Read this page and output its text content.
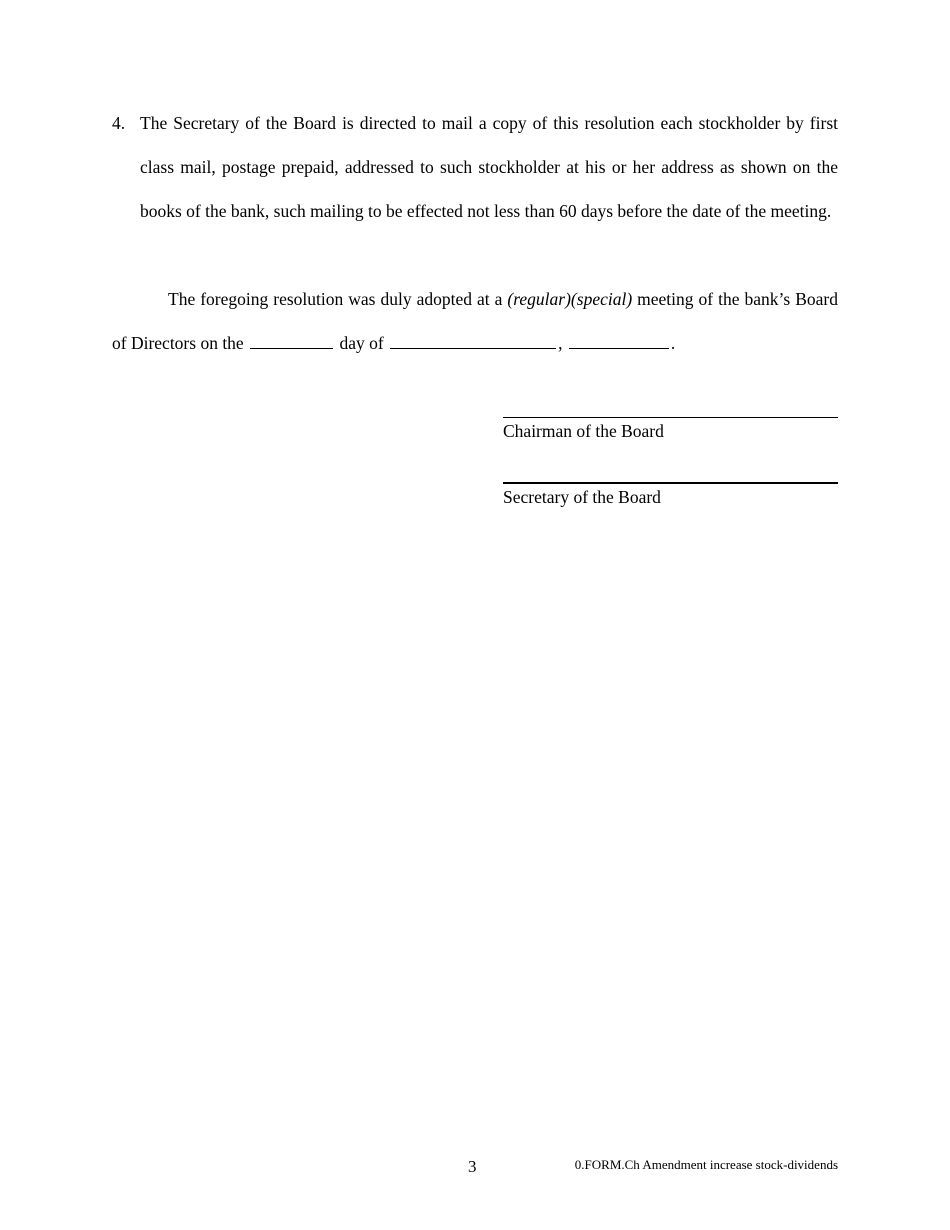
4. The Secretary of the Board is directed to mail a copy of this resolution each stockholder by first class mail, postage prepaid, addressed to such stockholder at his or her address as shown on the books of the bank, such mailing to be effected not less than 60 days before the date of the meeting.
The foregoing resolution was duly adopted at a (regular)(special) meeting of the bank’s Board of Directors on the	day of	,	.
Chairman of the Board
Secretary of the Board
3	0.FORM.Ch Amendment increase stock-dividends
